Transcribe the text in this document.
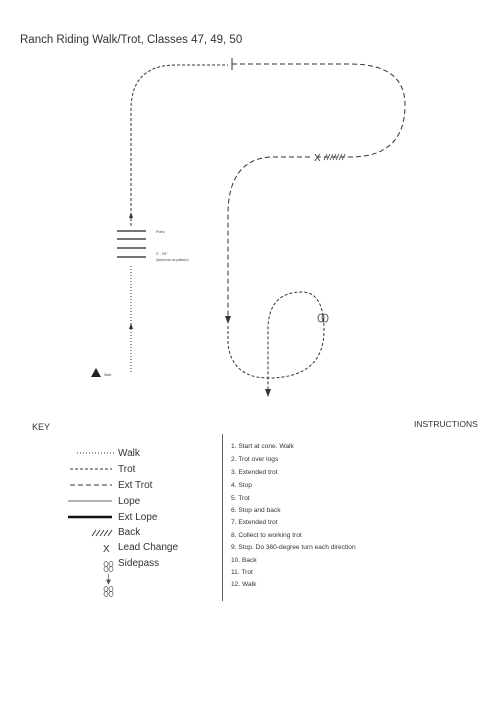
Ranch Riding Walk/Trot, Classes 47, 49, 50
X
Poles
3' - 3'6"
(depends on pattern)
Start
KEY	INSTRUCTIONS
X
Walk
Trot
Ext Trot
Lope
Ext Lope
Back
Lead Change
Sidepass
1. Start at cone. Walk
2. Trot over logs
3. Extended trot
4. Stop
5. Trot
6. Stop and back
7. Extended trot
8. Collect to working trot
9. Stop. Do 360-degree turn each direction
10. Back
11. Trot
12. Walk
